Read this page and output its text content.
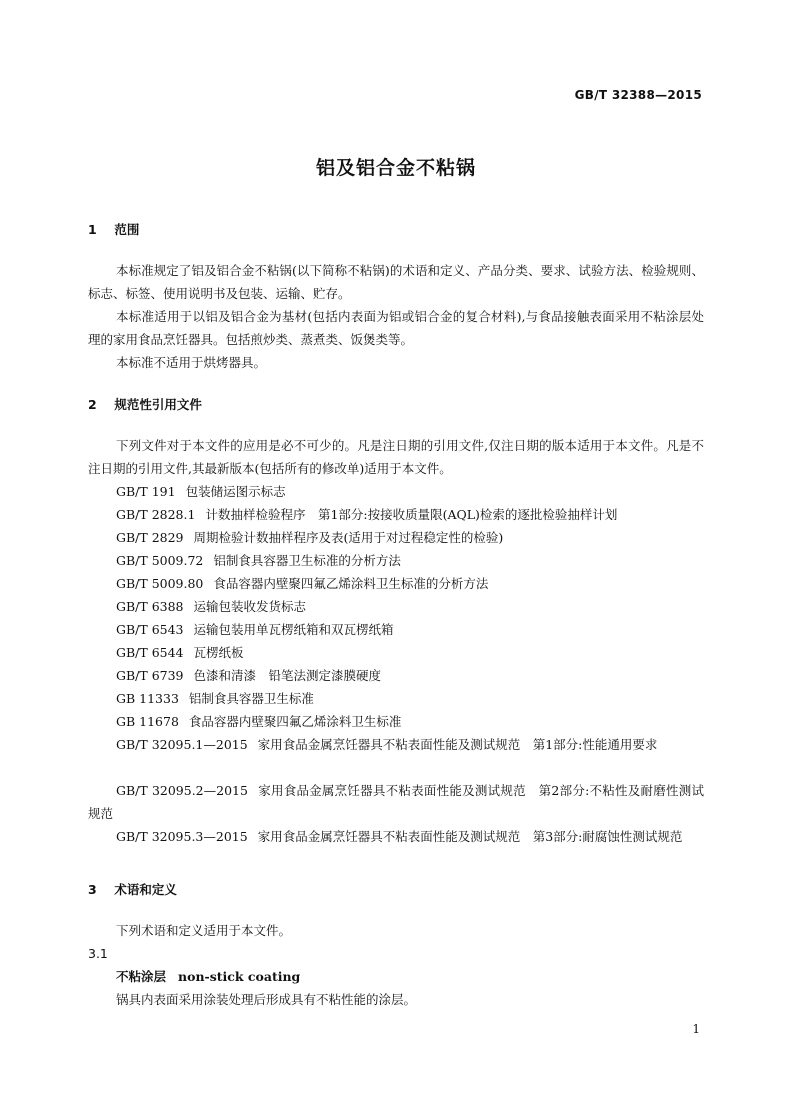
GB/T 32388—2015
铝及铝合金不粘锅
1 范围
本标准规定了铝及铝合金不粘锅(以下简称不粘锅)的术语和定义、产品分类、要求、试验方法、检验规则、标志、标签、使用说明书及包装、运输、贮存。
本标准适用于以铝及铝合金为基材(包括内表面为铝或铝合金的复合材料),与食品接触表面采用不粘涂层处理的家用食品烹饪器具。包括煎炒类、蒸煮类、饭煲类等。
本标准不适用于烘烤器具。
2 规范性引用文件
下列文件对于本文件的应用是必不可少的。凡是注日期的引用文件,仅注日期的版本适用于本文件。凡是不注日期的引用文件,其最新版本(包括所有的修改单)适用于本文件。
GB/T 191 包装储运图示标志
GB/T 2828.1 计数抽样检验程序　第1部分:按接收质量限(AQL)检索的逐批检验抽样计划
GB/T 2829 周期检验计数抽样程序及表(适用于对过程稳定性的检验)
GB/T 5009.72 铝制食具容器卫生标准的分析方法
GB/T 5009.80 食品容器内壁聚四氟乙烯涂料卫生标准的分析方法
GB/T 6388 运输包装收发货标志
GB/T 6543 运输包装用单瓦楞纸箱和双瓦楞纸箱
GB/T 6544 瓦楞纸板
GB/T 6739 色漆和清漆　铅笔法测定漆膜硬度
GB 11333 铝制食具容器卫生标准
GB 11678 食品容器内壁聚四氟乙烯涂料卫生标准
GB/T 32095.1—2015 家用食品金属烹饪器具不粘表面性能及测试规范　第1部分:性能通用要求
GB/T 32095.2—2015 家用食品金属烹饪器具不粘表面性能及测试规范　第2部分:不粘性及耐磨性测试规范
GB/T 32095.3—2015 家用食品金属烹饪器具不粘表面性能及测试规范　第3部分:耐腐蚀性测试规范
3 术语和定义
下列术语和定义适用于本文件。
3.1
不粘涂层 non-stick coating
锅具内表面采用涂装处理后形成具有不粘性能的涂层。
1
